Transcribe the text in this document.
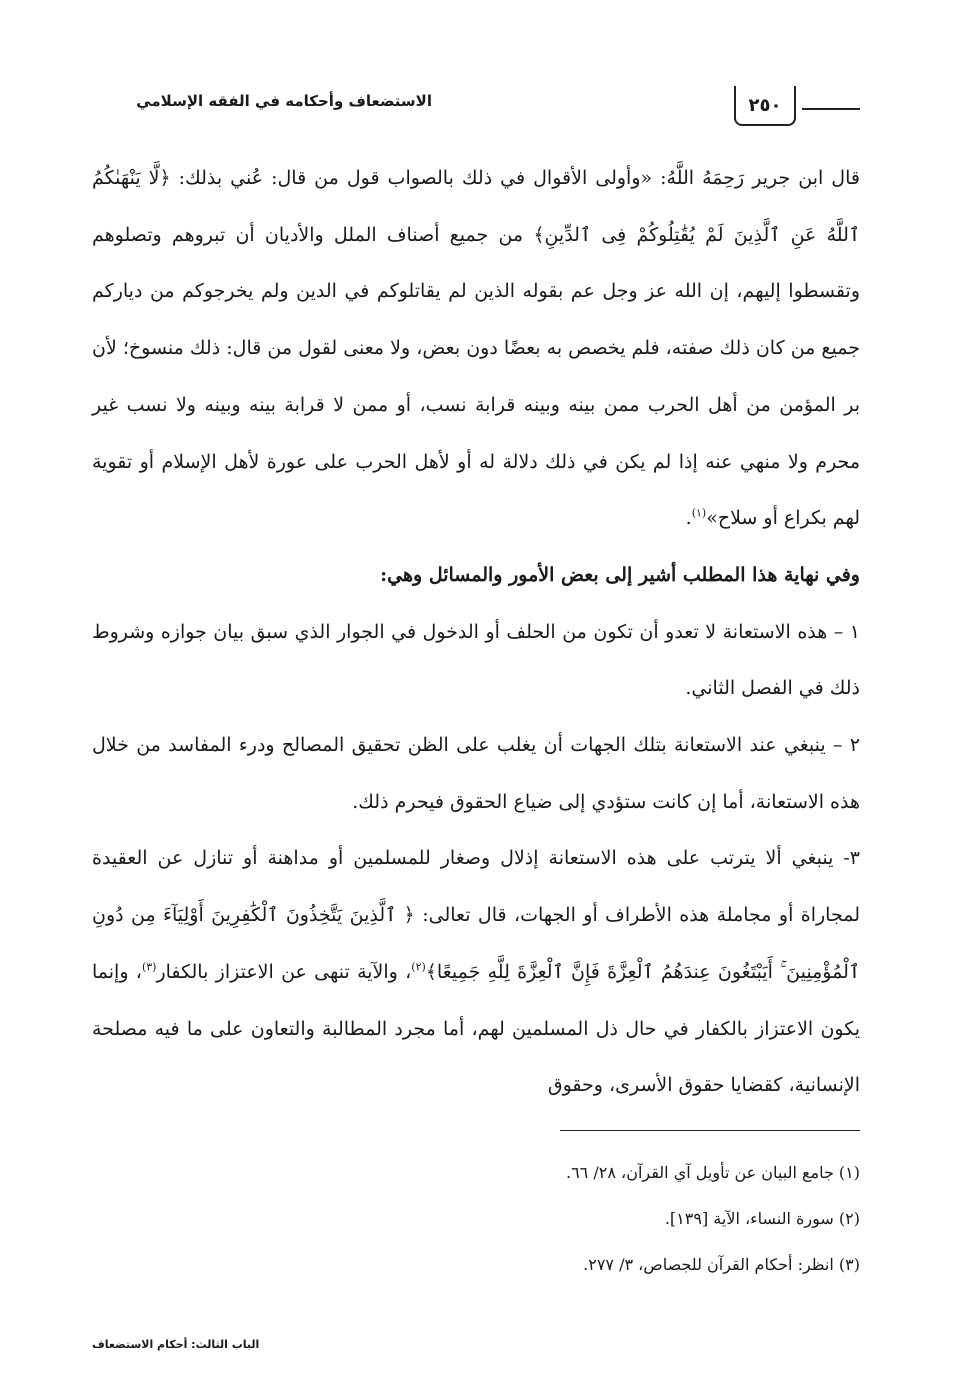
الاستضعاف وأحكامه في الفقه الإسلامي	٢٥٠

قال ابن جرير رَحِمَهُ اللَّهُ: «وأولى الأقوال في ذلك بالصواب قول من قال: عُني بذلك: ﴿لَّا يَنْهَىٰكُمُ ٱللَّهُ عَنِ ٱلَّذِينَ لَمْ يُقَٰتِلُوكُمْ فِى ٱلدِّينِ﴾ من جميع أصناف الملل والأديان أن تبروهم وتصلوهم وتقسطوا إليهم، إن الله عز وجل عم بقوله الذين لم يقاتلوكم في الدين ولم يخرجوكم من دياركم جميع من كان ذلك صفته، فلم يخصص به بعضًا دون بعض، ولا معنى لقول من قال: ذلك منسوخ؛ لأن بر المؤمن من أهل الحرب ممن بينه وبينه قرابة نسب، أو ممن لا قرابة بينه وبينه ولا نسب غير محرم ولا منهي عنه إذا لم يكن في ذلك دلالة له أو لأهل الحرب على عورة لأهل الإسلام أو تقوية لهم بكراع أو سلاح»$^{(١)}$.

وفي نهاية هذا المطلب أشير إلى بعض الأمور والمسائل وهي:

١ – هذه الاستعانة لا تعدو أن تكون من الحلف أو الدخول في الجوار الذي سبق بيان جوازه وشروط ذلك في الفصل الثاني.

٢ – ينبغي عند الاستعانة بتلك الجهات أن يغلب على الظن تحقيق المصالح ودرء المفاسد من خلال هذه الاستعانة، أما إن كانت ستؤدي إلى ضياع الحقوق فيحرم ذلك.

٣- ينبغي ألا يترتب على هذه الاستعانة إذلال وصغار للمسلمين أو مداهنة أو تنازل عن العقيدة لمجاراة أو مجاملة هذه الأطراف أو الجهات، قال تعالى: ﴿ ٱلَّذِينَ يَتَّخِذُونَ ٱلْكَٰفِرِينَ أَوْلِيَآءَ مِن دُونِ ٱلْمُؤْمِنِينَ ۚ أَيَبْتَغُونَ عِندَهُمُ ٱلْعِزَّةَ فَإِنَّ ٱلْعِزَّةَ لِلَّهِ جَمِيعًا﴾$^{(٢)}$، والآية تنهى عن الاعتزاز بالكفار$^{(٣)}$، وإنما يكون الاعتزاز بالكفار في حال ذل المسلمين لهم، أما مجرد المطالبة والتعاون على ما فيه مصلحة الإنسانية، كقضايا حقوق الأسرى، وحقوق

(١) جامع البيان عن تأويل آي القرآن، ٢٨/ ٦٦.
(٢) سورة النساء، الآية [١٣٩].
(٣) انظر: أحكام القرآن للجصاص، ٣/ ٢٧٧.
الباب الثالث: أحكام الاستضعاف
